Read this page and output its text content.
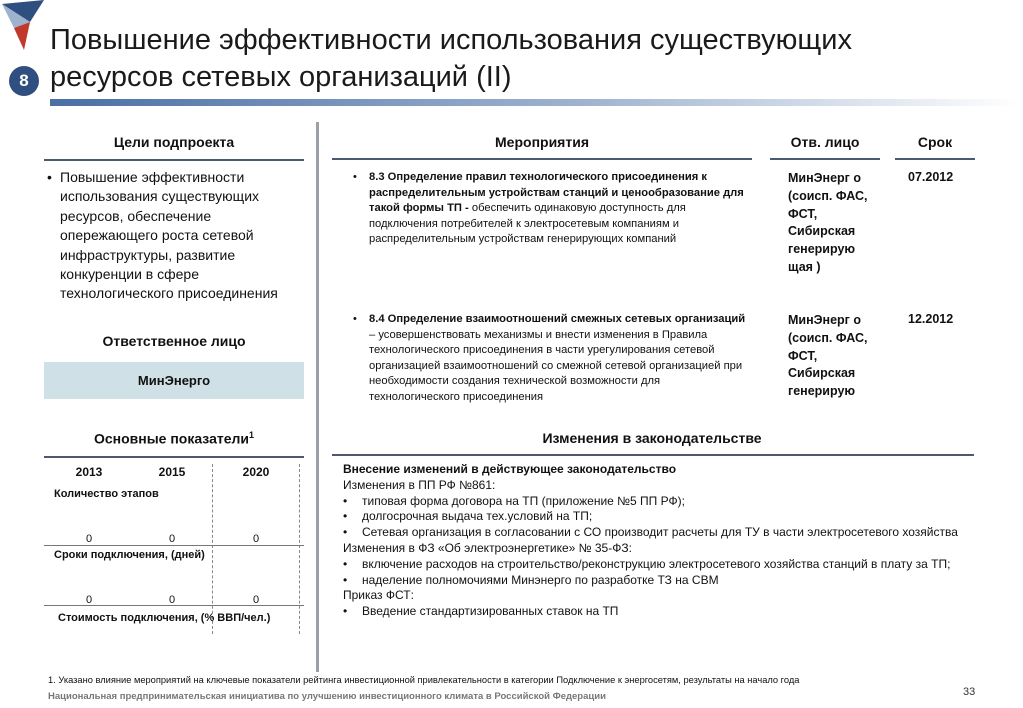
Повышение эффективности использования существующих
ресурсов сетевых организаций (II)
8
Цели подпроекта
• Повышение эффективности использования существующих ресурсов, обеспечение опережающего роста сетевой инфраструктуры, развитие конкуренции в сфере технологического присоединения
Ответственное лицо
МинЭнерго
Основные показатели$^1$
2013	2015	2020
Количество этапов
0	0	0
Сроки подключения, (дней)
0	0	0
Стоимость подключения, (% ВВП/чел.)
Мероприятия	Отв. лицо	Срок
• 8.3 Определение правил технологического присоединения к распределительным устройствам станций и ценообразование для такой формы ТП - обеспечить одинаковую доступность для подключения потребителей к электросетевым компаниям и распределительным устройствам генерирующих компаний
МинЭнерг о (соисп. ФАС, ФСТ, Сибирская генерирую щая )
07.2012
• 8.4 Определение взаимоотношений смежных сетевых организаций – усовершенствовать механизмы и внести изменения в Правила технологического присоединения в части урегулирования сетевой организацией взаимоотношений со смежной сетевой организацией при необходимости создания технической возможности для технологического присоединения
МинЭнерг о (соисп. ФАС, ФСТ, Сибирская генерирую
12.2012
Изменения в законодательстве
Внесение изменений в действующее законодательство
Изменения в ПП РФ №861:
• типовая форма договора на ТП (приложение №5 ПП РФ);
• долгосрочная выдача тех.условий на ТП;
• Сетевая организация в согласовании с СО производит расчеты для ТУ в части электросетевого хозяйства
Изменения в ФЗ «Об электроэнергетике» № 35-ФЗ:
• включение расходов на строительство/реконструкцию электросетевого хозяйства станций в плату за ТП;
• наделение полномочиями Минэнерго по разработке ТЗ на СВМ
Приказ ФСТ:
• Введение стандартизированных ставок на ТП
1. Указано влияние мероприятий на ключевые показатели рейтинга инвестиционной привлекательности в категории Подключение к энергосетям, результаты на начало года
Национальная предпринимательская инициатива по улучшению инвестиционного климата в Российской Федерации	33
